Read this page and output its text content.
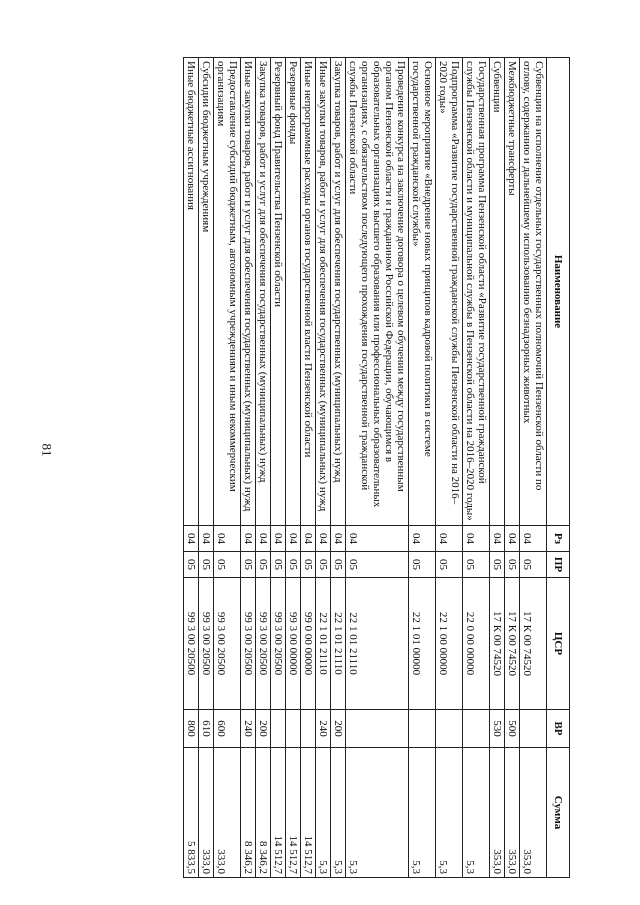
81
Наименование	Рз	ПР	ЦСР	ВР	Сумма
Субвенции на исполнение отдельных государственных полномочий Пензенской области по отлову, содержанию и дальнейшему использованию безнадзорных животных	04	05	17 К 00 74520		353,0
Межбюджетные трансферты	04	05	17 К 00 74520	500	353,0
Субвенции	04	05	17 К 00 74520	530	353,0
Государственная программа Пензенской области «Развитие государственной гражданской службы Пензенской области и муниципальной службы в Пензенской области на 2016–2020 годы»	04	05	22 0 00 00000		5,3
Подпрограмма «Развитие государственной гражданской службы Пензенской области на 2016–2020 годы»	04	05	22 1 00 00000		5,3
Основное мероприятие «Внедрение новых принципов кадровой политики в системе государственной гражданской службы»	04	05	22 1 01 00000		5,3
Проведение конкурса на заключение договора о целевом обучении между государственным органом Пензенской области и гражданином Российской Федерации, обучающимся в образовательных организациях высшего образования или профессиональных образовательных организациях, с обязательством последующего прохождения государственной гражданской службы Пензенской области	04	05	22 1 01 21110		5,3
Закупка товаров, работ и услуг для обеспечения государственных (муниципальных) нужд	04	05	22 1 01 21110	200	5,3
Иные закупки товаров, работ и услуг для обеспечения государственных (муниципальных) нужд	04	05	22 1 01 21110	240	5,3
Иные непрограммные расходы органов государственной власти Пензенской области	04	05	99 0 00 00000		14 512,7
Резервные фонды	04	05	99 3 00 00000		14 512,7
Резервный фонд Правительства Пензенской области	04	05	99 3 00 20500		14 512,7
Закупка товаров, работ и услуг для обеспечения государственных (муниципальных) нужд	04	05	99 3 00 20500	200	8 346,2
Иные закупки товаров, работ и услуг для обеспечения государственных (муниципальных) нужд	04	05	99 3 00 20500	240	8 346,2
Предоставление субсидий бюджетным, автономным учреждениям и иным некоммерческим организациям	04	05	99 3 00 20500	600	333,0
Субсидии бюджетным учреждениям	04	05	99 3 00 20500	610	333,0
Иные бюджетные ассигнования	04	05	99 3 00 20500	800	5 833,5
